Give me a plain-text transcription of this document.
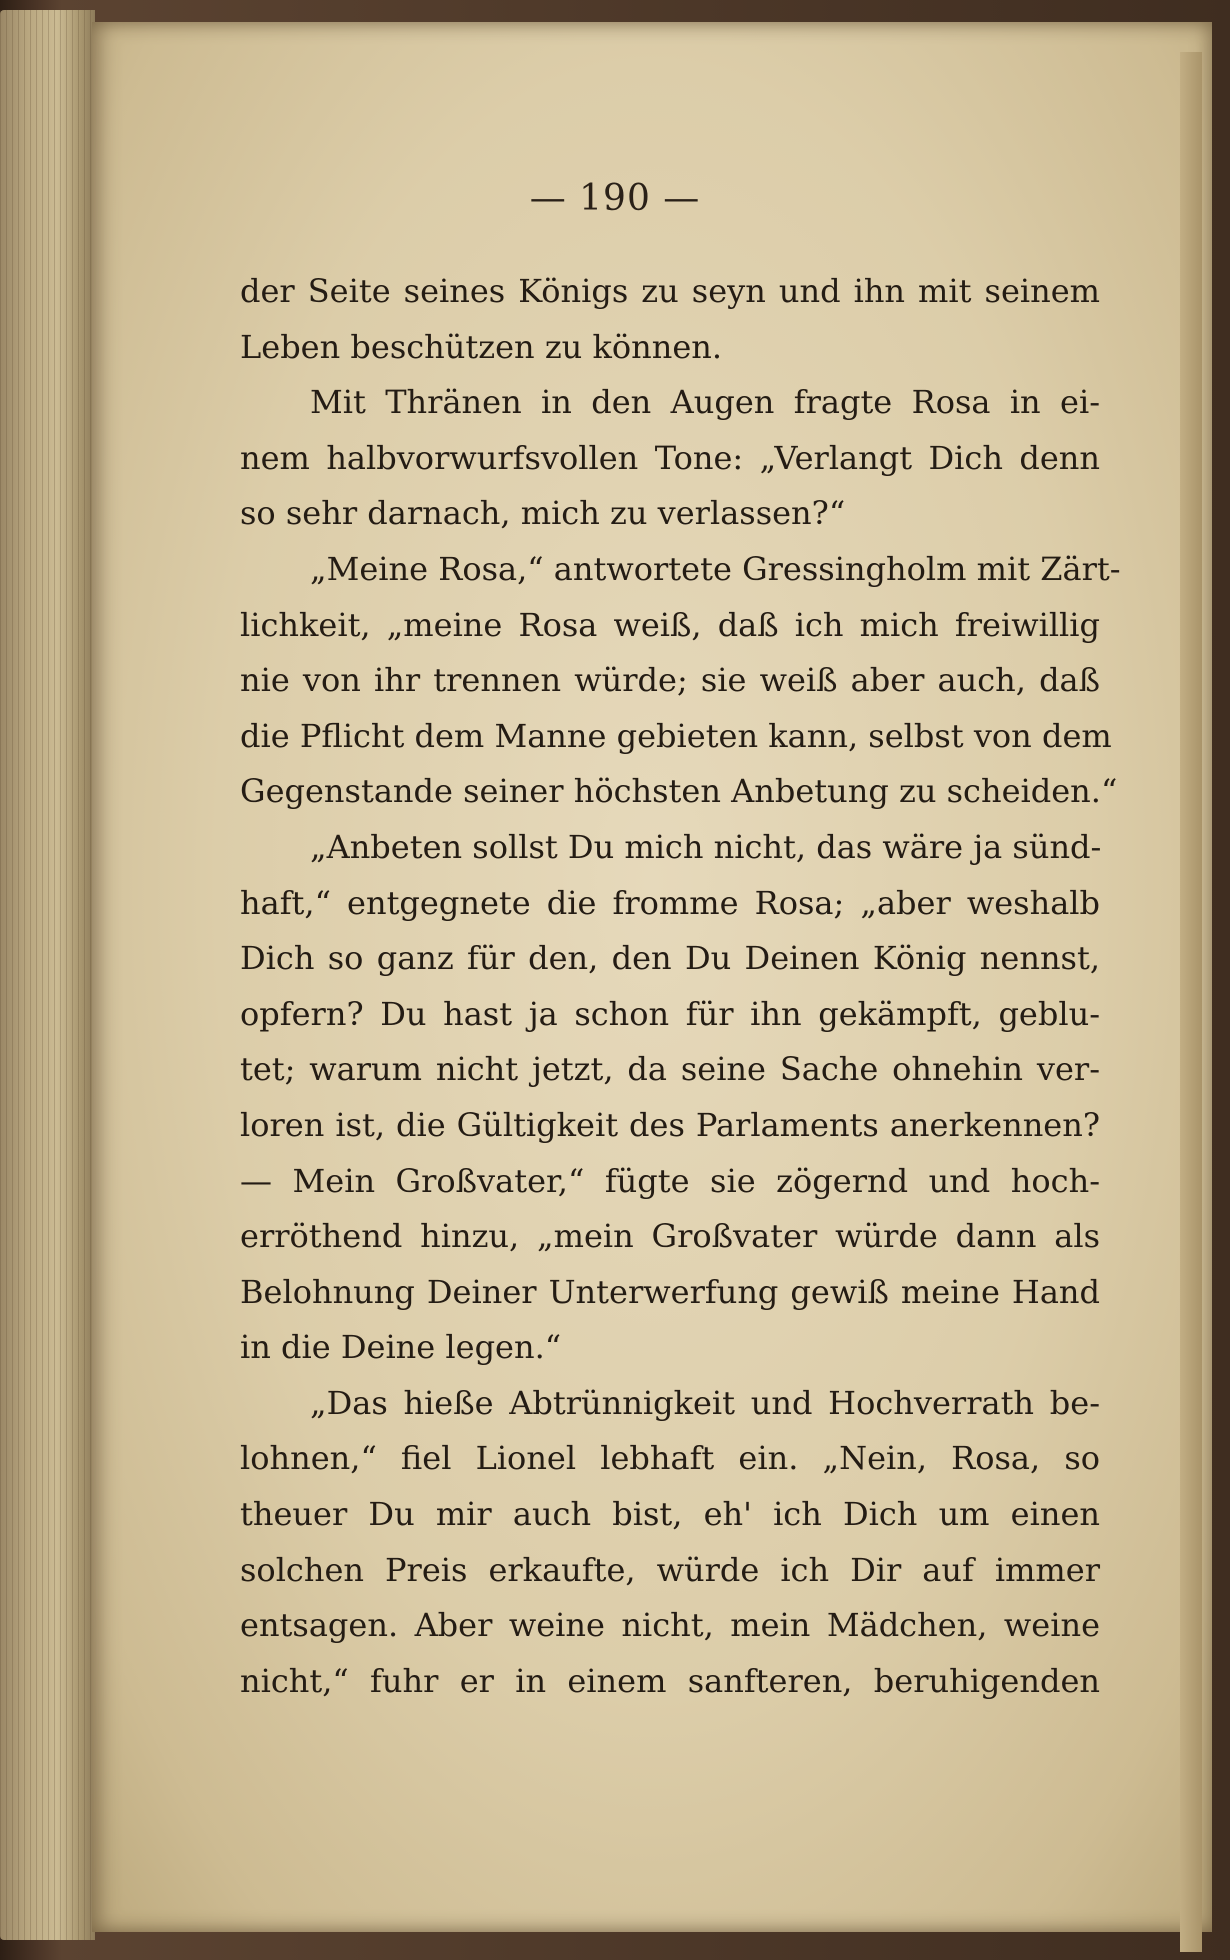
— 190 —
der Seite seines Königs zu seyn und ihn mit seinem
Leben beschützen zu können.
Mit Thränen in den Augen fragte Rosa in ei-
nem halbvorwurfsvollen Tone: „Verlangt Dich denn
so sehr darnach, mich zu verlassen?“
„Meine Rosa,“ antwortete Gressingholm mit Zärt-
lichkeit, „meine Rosa weiß, daß ich mich freiwillig
nie von ihr trennen würde; sie weiß aber auch, daß
die Pflicht dem Manne gebieten kann, selbst von dem
Gegenstande seiner höchsten Anbetung zu scheiden.“
„Anbeten sollst Du mich nicht, das wäre ja sünd-
haft,“ entgegnete die fromme Rosa; „aber weshalb
Dich so ganz für den, den Du Deinen König nennst,
opfern? Du hast ja schon für ihn gekämpft, geblu-
tet; warum nicht jetzt, da seine Sache ohnehin ver-
loren ist, die Gültigkeit des Parlaments anerkennen?
— Mein Großvater,“ fügte sie zögernd und hoch-
erröthend hinzu, „mein Großvater würde dann als
Belohnung Deiner Unterwerfung gewiß meine Hand
in die Deine legen.“
„Das hieße Abtrünnigkeit und Hochverrath be-
lohnen,“ fiel Lionel lebhaft ein. „Nein, Rosa, so
theuer Du mir auch bist, eh' ich Dich um einen
solchen Preis erkaufte, würde ich Dir auf immer
entsagen. Aber weine nicht, mein Mädchen, weine
nicht,“ fuhr er in einem sanfteren, beruhigenden
